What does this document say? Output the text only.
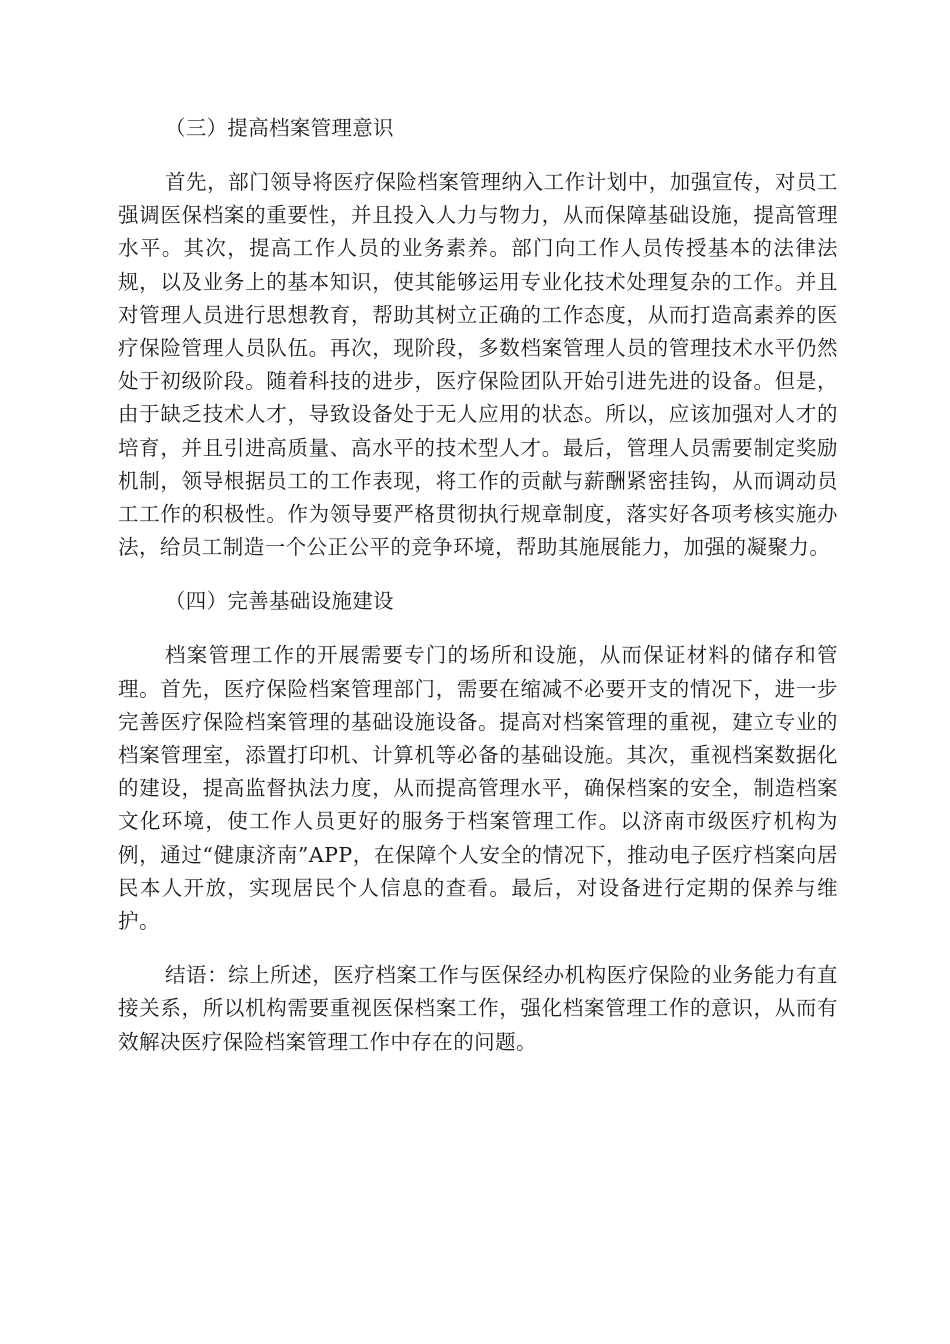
（三）提高档案管理意识

首先，部门领导将医疗保险档案管理纳入工作计划中，加强宣传，对员工强调医保档案的重要性，并且投入人力与物力，从而保障基础设施，提高管理水平。其次，提高工作人员的业务素养。部门向工作人员传授基本的法律法规，以及业务上的基本知识，使其能够运用专业化技术处理复杂的工作。并且对管理人员进行思想教育，帮助其树立正确的工作态度，从而打造高素养的医疗保险管理人员队伍。再次，现阶段，多数档案管理人员的管理技术水平仍然处于初级阶段。随着科技的进步，医疗保险团队开始引进先进的设备。但是，由于缺乏技术人才，导致设备处于无人应用的状态。所以，应该加强对人才的培育，并且引进高质量、高水平的技术型人才。最后，管理人员需要制定奖励机制，领导根据员工的工作表现，将工作的贡献与薪酬紧密挂钩，从而调动员工工作的积极性。作为领导要严格贯彻执行规章制度，落实好各项考核实施办法，给员工制造一个公正公平的竞争环境，帮助其施展能力，加强的凝聚力。

（四）完善基础设施建设

档案管理工作的开展需要专门的场所和设施，从而保证材料的储存和管理。首先，医疗保险档案管理部门，需要在缩减不必要开支的情况下，进一步完善医疗保险档案管理的基础设施设备。提高对档案管理的重视，建立专业的档案管理室，添置打印机、计算机等必备的基础设施。其次，重视档案数据化的建设，提高监督执法力度，从而提高管理水平，确保档案的安全，制造档案文化环境，使工作人员更好的服务于档案管理工作。以济南市级医疗机构为例，通过“健康济南”APP，在保障个人安全的情况下，推动电子医疗档案向居民本人开放，实现居民个人信息的查看。最后，对设备进行定期的保养与维护。

结语：综上所述，医疗档案工作与医保经办机构医疗保险的业务能力有直接关系，所以机构需要重视医保档案工作，强化档案管理工作的意识，从而有效解决医疗保险档案管理工作中存在的问题。
